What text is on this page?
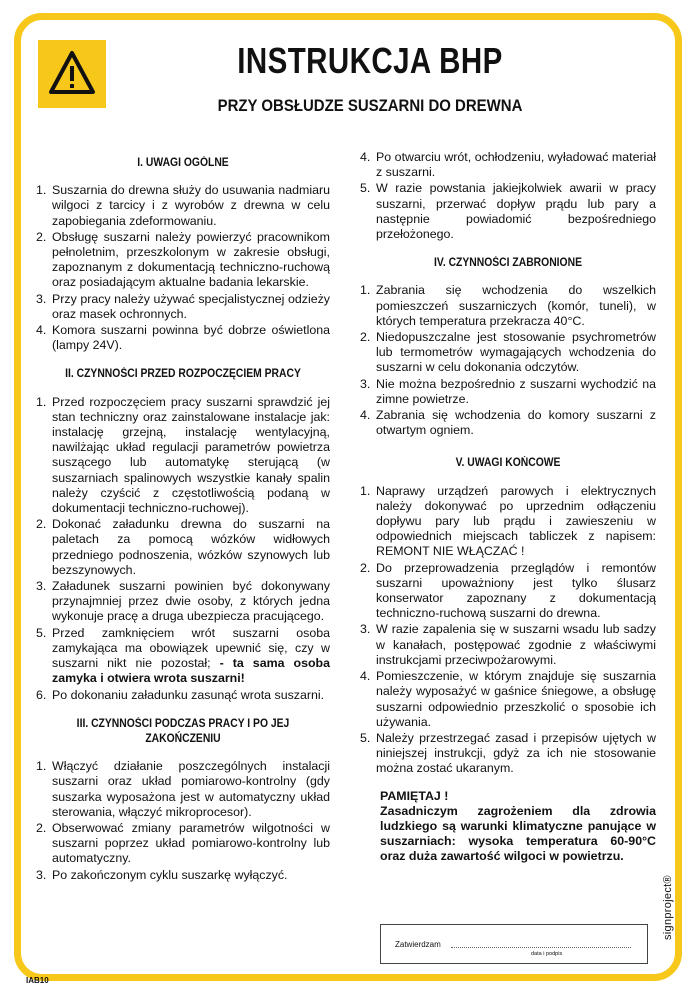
INSTRUKCJA BHP
PRZY OBSŁUDZE SUSZARNI DO DREWNA
I. UWAGI OGÓLNE
1. Suszarnia do drewna służy do usuwania nadmiaru wilgoci z tarcicy i z wyrobów z drewna w celu zapobiegania zdeformowaniu.
2. Obsługę suszarni należy powierzyć pracownikom pełnoletnim, przeszkolonym w zakresie obsługi, zapoznanym z dokumentacją techniczno-ruchową oraz posiadającym aktualne badania lekarskie.
3. Przy pracy należy używać specjalistycznej odzieży oraz masek ochronnych.
4. Komora suszarni powinna być dobrze oświetlona (lampy 24V).
II. CZYNNOŚCI PRZED ROZPOCZĘCIEM PRACY
1. Przed rozpoczęciem pracy suszarni sprawdzić jej stan techniczny oraz zainstalowane instalacje jak: instalację grzejną, instalację wentylacyjną, nawilżając układ regulacji parametrów powietrza suszącego lub automatykę sterującą (w suszarniach spalinowych wszystkie kanały spalin należy czyścić z częstotliwością podaną w dokumentacji techniczno-ruchowej).
2. Dokonać załadunku drewna do suszarni na paletach za pomocą wózków widłowych przedniego podnoszenia, wózków szynowych lub bezszynowych.
3. Załadunek suszarni powinien być dokonywany przynajmniej przez dwie osoby, z których jedna wykonuje pracę a druga ubezpiecza pracującego.
5. Przed zamknięciem wrót suszarni osoba zamykająca ma obowiązek upewnić się, czy w suszarni nikt nie pozostał; - ta sama osoba zamyka i otwiera wrota suszarni!
6. Po dokonaniu załadunku zasunąć wrota suszarni.
III. CZYNNOŚCI PODCZAS PRACY I PO JEJ ZAKOŃCZENIU
1. Włączyć działanie poszczególnych instalacji suszarni oraz układ pomiarowo-kontrolny (gdy suszarka wyposażona jest w automatyczny układ sterowania, włączyć mikroprocesor).
2. Obserwować zmiany parametrów wilgotności w suszarni poprzez układ pomiarowo-kontrolny lub automatyczny.
3. Po zakończonym cyklu suszarkę wyłączyć.
4. Po otwarciu wrót, ochłodzeniu, wyładować materiał z suszarni.
5. W razie powstania jakiejkolwiek awarii w pracy suszarni, przerwać dopływ prądu lub pary a następnie powiadomić bezpośredniego przełożonego.
IV. CZYNNOŚCI ZABRONIONE
1. Zabrania się wchodzenia do wszelkich pomieszczeń suszarniczych (komór, tuneli), w których temperatura przekracza 40°C.
2. Niedopuszczalne jest stosowanie psychrometrów lub termometrów wymagających wchodzenia do suszarni w celu dokonania odczytów.
3. Nie można bezpośrednio z suszarni wychodzić na zimne powietrze.
4. Zabrania się wchodzenia do komory suszarni z otwartym ogniem.
V. UWAGI KOŃCOWE
1. Naprawy urządzeń parowych i elektrycznych należy dokonywać po uprzednim odłączeniu dopływu pary lub prądu i zawieszeniu w odpowiednich miejscach tabliczek z napisem: REMONT NIE WŁĄCZAĆ !
2. Do przeprowadzenia przeglądów i remontów suszarni upoważniony jest tylko ślusarz konserwator zapoznany z dokumentacją techniczno-ruchową suszarni do drewna.
3. W razie zapalenia się w suszarni wsadu lub sadzy w kanałach, postępować zgodnie z właściwymi instrukcjami przeciwpożarowymi.
4. Pomieszczenie, w którym znajduje się suszarnia należy wyposażyć w gaśnice śniegowe, a obsługę suszarni odpowiednio przeszkolić o sposobie ich używania.
5. Należy przestrzegać zasad i przepisów ujętych w niniejszej instrukcji, gdyż za ich nie stosowanie można zostać ukaranym.
PAMIĘTAJ !
Zasadniczym zagrożeniem dla zdrowia ludzkiego są warunki klimatyczne panujące w suszarniach: wysoka temperatura 60-90°C oraz duża zawartość wilgoci w powietrzu.
Zatwierdzam
data i podpis
signproject®
IAB10
